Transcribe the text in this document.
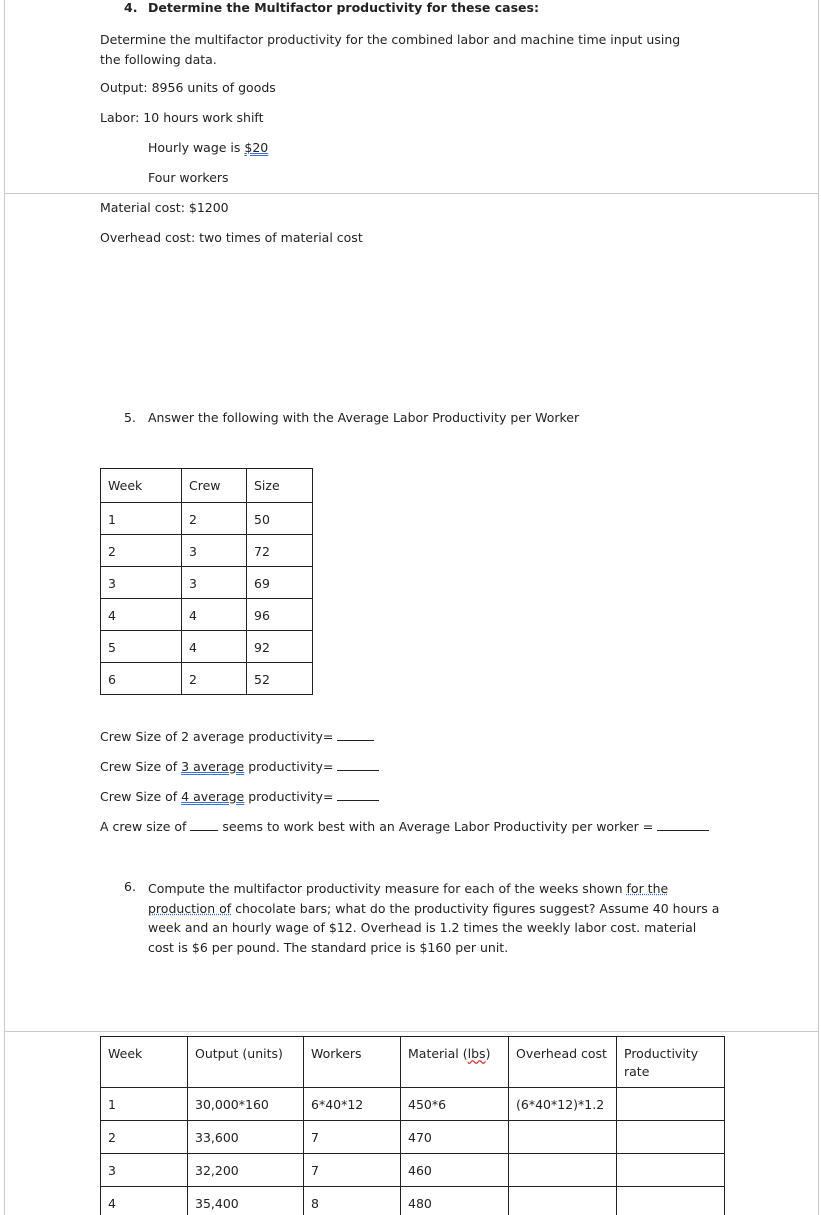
4. Determine the Multifactor productivity for these cases:
Determine the multifactor productivity for the combined labor and machine time input using the following data.
Output: 8956 units of goods
Labor: 10 hours work shift
Hourly wage is $20
Four workers
Material cost: $1200
Overhead cost: two times of material cost
5. Answer the following with the Average Labor Productivity per Worker
Week	Crew	Size
1	2	50
2	3	72
3	3	69
4	4	96
5	4	92
6	2	52
Crew Size of 2 average productivity=
Crew Size of 3 average productivity=
Crew Size of 4 average productivity=
A crew size of	seems to work best with an Average Labor Productivity per worker =
6. Compute the multifactor productivity measure for each of the weeks shown for the production of chocolate bars; what do the productivity figures suggest? Assume 40 hours a week and an hourly wage of $12. Overhead is 1.2 times the weekly labor cost. material cost is $6 per pound. The standard price is $160 per unit.
Week	Output (units)	Workers	Material (lbs)	Overhead cost	Productivity rate
1	30,000*160	6*40*12	450*6	(6*40*12)*1.2	
2	33,600	7	470		
3	32,200	7	460		
4	35,400	8	480		
